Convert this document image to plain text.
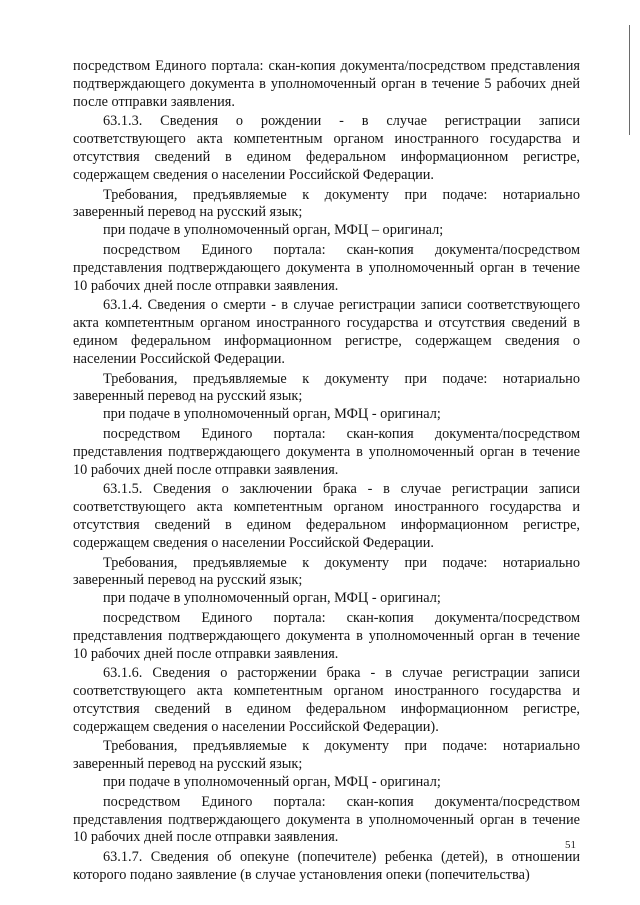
посредством Единого портала: скан-копия документа/посредством представления подтверждающего документа в уполномоченный орган в течение 5 рабочих дней после отправки заявления.

63.1.3. Сведения о рождении - в случае регистрации записи соответствующего акта компетентным органом иностранного государства и отсутствия сведений в едином федеральном информационном регистре, содержащем сведения о населении Российской Федерации.

Требования, предъявляемые к документу при подаче: нотариально заверенный перевод на русский язык;

при подаче в уполномоченный орган, МФЦ – оригинал;

посредством Единого портала: скан-копия документа/посредством представления подтверждающего документа в уполномоченный орган в течение 10 рабочих дней после отправки заявления.

63.1.4. Сведения о смерти - в случае регистрации записи соответствующего акта компетентным органом иностранного государства и отсутствия сведений в едином федеральном информационном регистре, содержащем сведения о населении Российской Федерации.

Требования, предъявляемые к документу при подаче: нотариально заверенный перевод на русский язык;

при подаче в уполномоченный орган, МФЦ - оригинал;

посредством Единого портала: скан-копия документа/посредством представления подтверждающего документа в уполномоченный орган в течение 10 рабочих дней после отправки заявления.

63.1.5. Сведения о заключении брака - в случае регистрации записи соответствующего акта компетентным органом иностранного государства и отсутствия сведений в едином федеральном информационном регистре, содержащем сведения о населении Российской Федерации.

Требования, предъявляемые к документу при подаче: нотариально заверенный перевод на русский язык;

при подаче в уполномоченный орган, МФЦ - оригинал;

посредством Единого портала: скан-копия документа/посредством представления подтверждающего документа в уполномоченный орган в течение 10 рабочих дней после отправки заявления.

63.1.6. Сведения о расторжении брака - в случае регистрации записи соответствующего акта компетентным органом иностранного государства и отсутствия сведений в едином федеральном информационном регистре, содержащем сведения о населении Российской Федерации).

Требования, предъявляемые к документу при подаче: нотариально заверенный перевод на русский язык;

при подаче в уполномоченный орган, МФЦ - оригинал;

посредством Единого портала: скан-копия документа/посредством представления подтверждающего документа в уполномоченный орган в течение 10 рабочих дней после отправки заявления.

63.1.7. Сведения об опекуне (попечителе) ребенка (детей), в отношении которого подано заявление (в случае установления опеки (попечительства)

51
